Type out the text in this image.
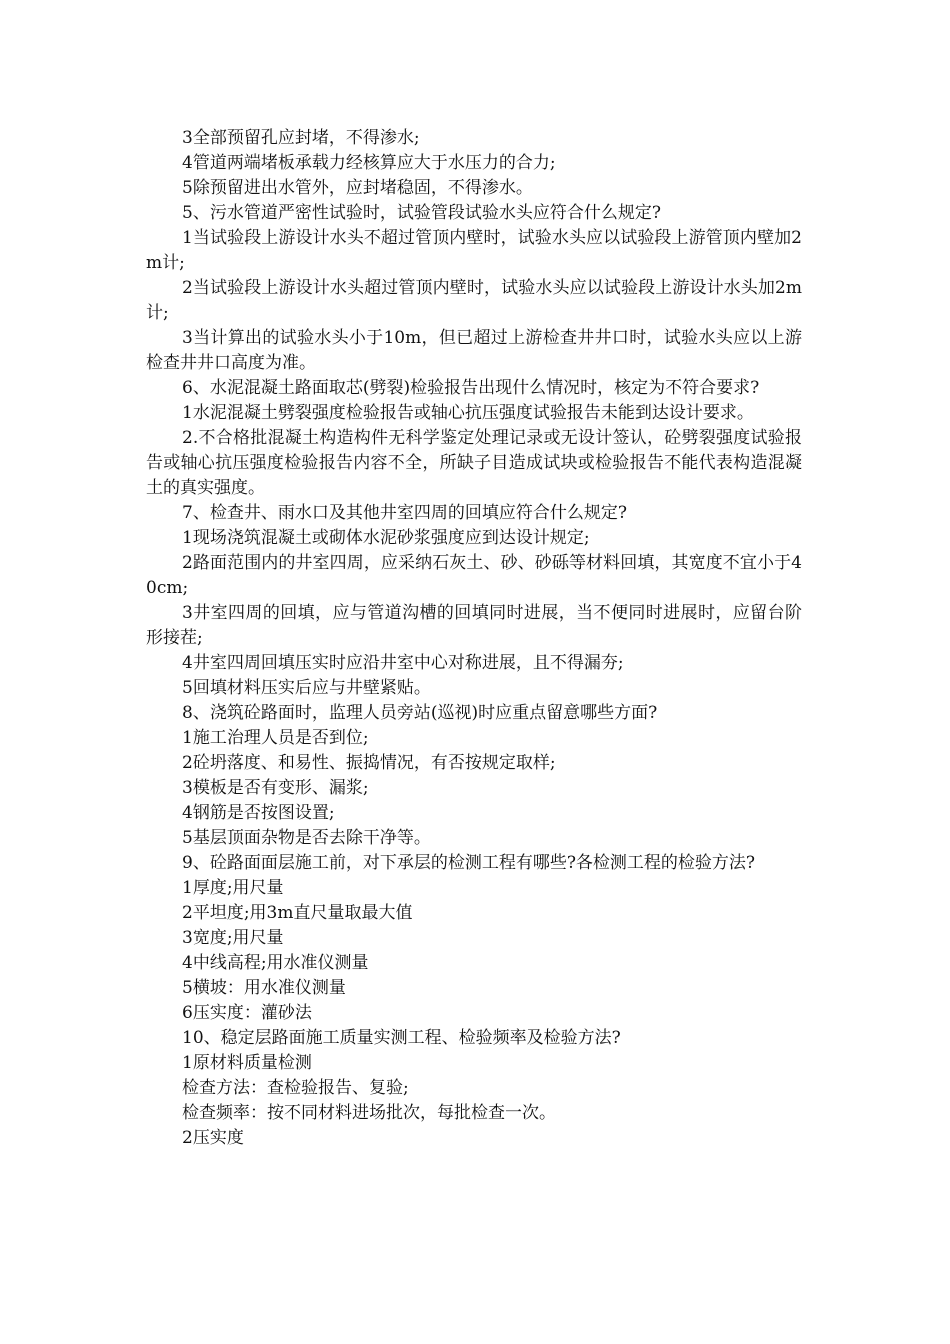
3全部预留孔应封堵，不得渗水;

4管道两端堵板承载力经核算应大于水压力的合力;

5除预留进出水管外，应封堵稳固，不得渗水。

5、污水管道严密性试验时，试验管段试验水头应符合什么规定?

1当试验段上游设计水头不超过管顶内壁时，试验水头应以试验段上游管顶内壁加2m计;

2当试验段上游设计水头超过管顶内壁时，试验水头应以试验段上游设计水头加2m计;

3当计算出的试验水头小于10m，但已超过上游检查井井口时，试验水头应以上游检查井井口高度为准。

6、水泥混凝土路面取芯(劈裂)检验报告出现什么情况时，核定为不符合要求?

1水泥混凝土劈裂强度检验报告或轴心抗压强度试验报告未能到达设计要求。

2.不合格批混凝土构造构件无科学鉴定处理记录或无设计签认，砼劈裂强度试验报告或轴心抗压强度检验报告内容不全，所缺子目造成试块或检验报告不能代表构造混凝土的真实强度。

7、检查井、雨水口及其他井室四周的回填应符合什么规定?

1现场浇筑混凝土或砌体水泥砂浆强度应到达设计规定;

2路面范围内的井室四周，应采纳石灰土、砂、砂砾等材料回填，其宽度不宜小于40cm;

3井室四周的回填，应与管道沟槽的回填同时进展，当不便同时进展时，应留台阶形接茬;

4井室四周回填压实时应沿井室中心对称进展，且不得漏夯;

5回填材料压实后应与井壁紧贴。

8、浇筑砼路面时，监理人员旁站(巡视)时应重点留意哪些方面?

1施工治理人员是否到位;

2砼坍落度、和易性、振捣情况，有否按规定取样;

3模板是否有变形、漏浆;

4钢筋是否按图设置;

5基层顶面杂物是否去除干净等。

9、砼路面面层施工前，对下承层的检测工程有哪些?各检测工程的检验方法?

1厚度;用尺量

2平坦度;用3m直尺量取最大值

3宽度;用尺量

4中线高程;用水准仪测量

5横坡：用水准仪测量

6压实度：灌砂法

10、稳定层路面施工质量实测工程、检验频率及检验方法?

1原材料质量检测

检查方法：查检验报告、复验;

检查频率：按不同材料进场批次，每批检查一次。

2压实度
